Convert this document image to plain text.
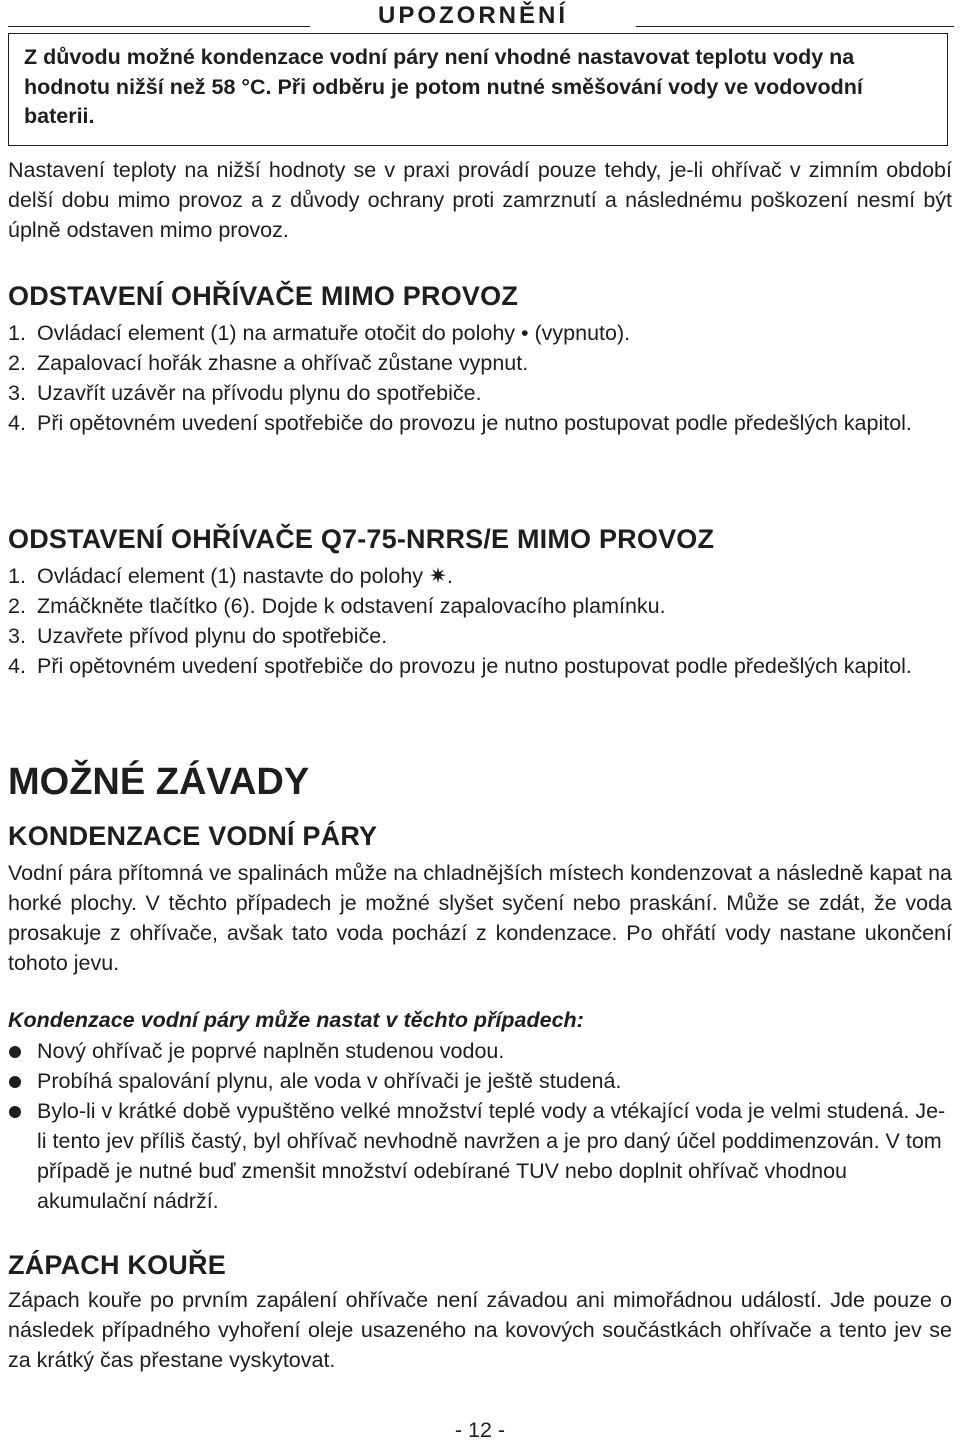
UPOZORNĚNÍ
Z důvodu možné kondenzace vodní páry není vhodné nastavovat teplotu vody na hodnotu nižší než 58 °C. Při odběru je potom nutné směšování vody ve vodovodní baterii.
Nastavení teploty na nižší hodnoty se v praxi provádí pouze tehdy, je-li ohřívač v zimním období delší dobu mimo provoz a z důvody ochrany proti zamrznutí a následnému poškození nesmí být úplně odstaven mimo provoz.
ODSTAVENÍ OHŘÍVAČE MIMO PROVOZ
1. Ovládací element (1) na armatuře otočit do polohy • (vypnuto).
2. Zapalovací hořák zhasne a ohřívač zůstane vypnut.
3. Uzavřít uzávěr na přívodu plynu do spotřebiče.
4. Při opětovném uvedení spotřebiče do provozu je nutno postupovat podle předešlých kapitol.
ODSTAVENÍ OHŘÍVAČE Q7-75-NRRS/E MIMO PROVOZ
1. Ovládací element (1) nastavte do polohy ✷.
2. Zmáčkněte tlačítko (6). Dojde k odstavení zapalovacího plamínku.
3. Uzavřete přívod plynu do spotřebiče.
4. Při opětovném uvedení spotřebiče do provozu je nutno postupovat podle předešlých kapitol.
MOŽNÉ ZÁVADY
KONDENZACE VODNÍ PÁRY
Vodní pára přítomná ve spalinách může na chladnějších místech kondenzovat a následně kapat na horké plochy. V těchto případech je možné slyšet syčení nebo praskání. Může se zdát, že voda prosakuje z ohřívače, avšak tato voda pochází z kondenzace. Po ohřátí vody nastane ukončení tohoto jevu.
Kondenzace vodní páry může nastat v těchto případech:
Nový ohřívač je poprvé naplněn studenou vodou.
Probíhá spalování plynu, ale voda v ohřívači je ještě studená.
Bylo-li v krátké době vypuštěno velké množství teplé vody a vtékající voda je velmi studená. Je-li tento jev příliš častý, byl ohřívač nevhodně navržen a je pro daný účel poddimenzován. V tom případě je nutné buď zmenšit množství odebírané TUV nebo doplnit ohřívač vhodnou akumulační nádrží.
ZÁPACH KOUŘE
Zápach kouře po prvním zapálení ohřívače není závadou ani mimořádnou událostí. Jde pouze o následek případného vyhoření oleje usazeného na kovových součástkách ohřívače a tento jev se za krátký čas přestane vyskytovat.
- 12 -
